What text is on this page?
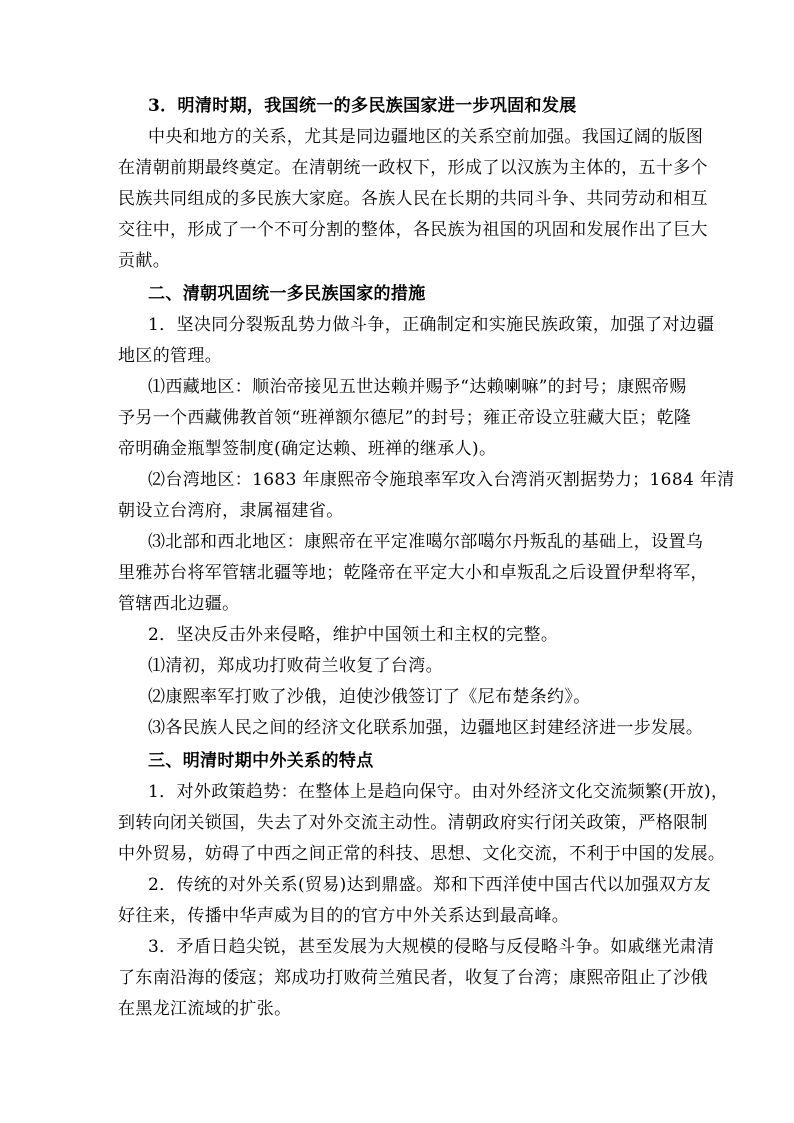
3．明清时期，我国统一的多民族国家进一步巩固和发展
中央和地方的关系，尤其是同边疆地区的关系空前加强。我国辽阔的版图
在清朝前期最终奠定。在清朝统一政权下，形成了以汉族为主体的，五十多个
民族共同组成的多民族大家庭。各族人民在长期的共同斗争、共同劳动和相互
交往中，形成了一个不可分割的整体，各民族为祖国的巩固和发展作出了巨大
贡献。
二、清朝巩固统一多民族国家的措施
1．坚决同分裂叛乱势力做斗争，正确制定和实施民族政策，加强了对边疆
地区的管理。
⑴西藏地区：顺治帝接见五世达赖并赐予“达赖喇嘛”的封号；康熙帝赐
予另一个西藏佛教首领“班禅额尔德尼”的封号；雍正帝设立驻藏大臣；乾隆
帝明确金瓶掣签制度(确定达赖、班禅的继承人)。
⑵台湾地区：1683 年康熙帝令施琅率军攻入台湾消灭割据势力；1684 年清
朝设立台湾府，隶属福建省。
⑶北部和西北地区：康熙帝在平定准噶尔部噶尔丹叛乱的基础上，设置乌
里雅苏台将军管辖北疆等地；乾隆帝在平定大小和卓叛乱之后设置伊犁将军，
管辖西北边疆。
2．坚决反击外来侵略，维护中国领土和主权的完整。
⑴清初，郑成功打败荷兰收复了台湾。
⑵康熙率军打败了沙俄，迫使沙俄签订了《尼布楚条约》。
⑶各民族人民之间的经济文化联系加强，边疆地区封建经济进一步发展。
三、明清时期中外关系的特点
1．对外政策趋势：在整体上是趋向保守。由对外经济文化交流频繁(开放)，
到转向闭关锁国，失去了对外交流主动性。清朝政府实行闭关政策，严格限制
中外贸易，妨碍了中西之间正常的科技、思想、文化交流，不利于中国的发展。
2．传统的对外关系(贸易)达到鼎盛。郑和下西洋使中国古代以加强双方友
好往来，传播中华声威为目的的官方中外关系达到最高峰。
3．矛盾日趋尖锐，甚至发展为大规模的侵略与反侵略斗争。如戚继光肃清
了东南沿海的倭寇；郑成功打败荷兰殖民者，收复了台湾；康熙帝阻止了沙俄
在黑龙江流域的扩张。
